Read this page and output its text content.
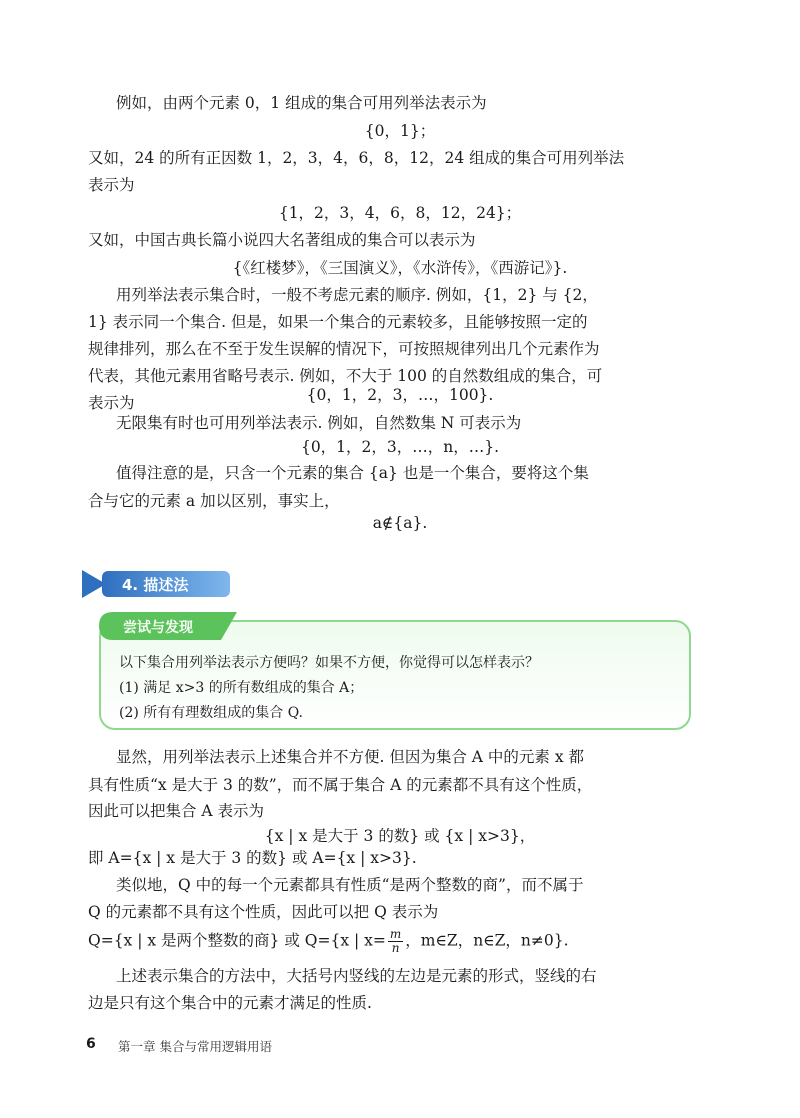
例如，由两个元素 0，1 组成的集合可用列举法表示为
{0，1}；
又如，24 的所有正因数 1，2，3，4，6，8，12，24 组成的集合可用列举法
表示为
{1，2，3，4，6，8，12，24}；
又如，中国古典长篇小说四大名著组成的集合可以表示为
{《红楼梦》，《三国演义》，《水浒传》，《西游记》}.
用列举法表示集合时，一般不考虑元素的顺序. 例如，{1，2} 与 {2，
1} 表示同一个集合. 但是，如果一个集合的元素较多，且能够按照一定的
规律排列，那么在不至于发生误解的情况下，可按照规律列出几个元素作为
代表，其他元素用省略号表示. 例如，不大于 100 的自然数组成的集合，可
表示为	{0，1，2，3，…，100}.
无限集有时也可用列举法表示. 例如，自然数集 N 可表示为
{0，1，2，3，…，n，…}.
值得注意的是，只含一个元素的集合 {a} 也是一个集合，要将这个集
合与它的元素 a 加以区别，事实上，
a∉{a}.
4. 描述法
以下集合用列举法表示方便吗？如果不方便，你觉得可以怎样表示？
(1) 满足 x>3 的所有数组成的集合 A；
(2) 所有有理数组成的集合 Q.
尝试与发现
显然，用列举法表示上述集合并不方便. 但因为集合 A 中的元素 x 都
具有性质“x 是大于 3 的数”，而不属于集合 A 的元素都不具有这个性质，
因此可以把集合 A 表示为
{x | x 是大于 3 的数} 或 {x | x>3}，
即 A={x | x 是大于 3 的数} 或 A={x | x>3}.
类似地，Q 中的每一个元素都具有性质“是两个整数的商”，而不属于
Q 的元素都不具有这个性质，因此可以把 Q 表示为
Q={x | x 是两个整数的商} 或 Q={x | $x= \frac{m}{n}$ ，m∈Z，n∈Z，n≠0}.
上述表示集合的方法中，大括号内竖线的左边是元素的形式，竖线的右
边是只有这个集合中的元素才满足的性质.
6 第一章 集合与常用逻辑用语
